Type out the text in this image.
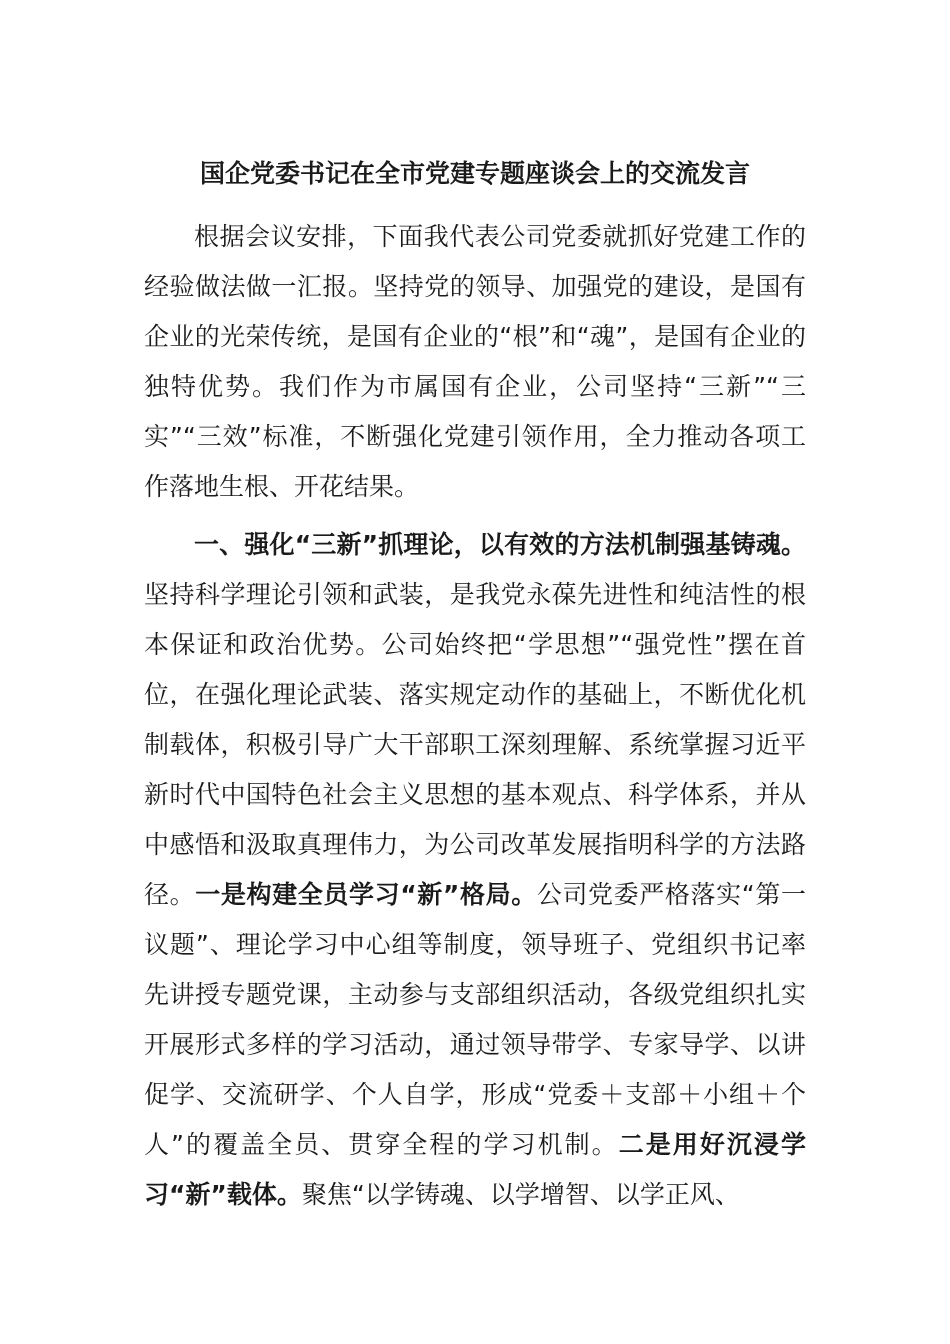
国企党委书记在全市党建专题座谈会上的交流发言

根据会议安排，下面我代表公司党委就抓好党建工作的经验做法做一汇报。坚持党的领导、加强党的建设，是国有企业的光荣传统，是国有企业的“根”和“魂”，是国有企业的独特优势。我们作为市属国有企业，公司坚持“三新”“三实”“三效”标准，不断强化党建引领作用，全力推动各项工作落地生根、开花结果。

一、强化“三新”抓理论，以有效的方法机制强基铸魂。坚持科学理论引领和武装，是我党永葆先进性和纯洁性的根本保证和政治优势。公司始终把“学思想”“强党性”摆在首位，在强化理论武装、落实规定动作的基础上，不断优化机制载体，积极引导广大干部职工深刻理解、系统掌握习近平新时代中国特色社会主义思想的基本观点、科学体系，并从中感悟和汲取真理伟力，为公司改革发展指明科学的方法路径。一是构建全员学习“新”格局。公司党委严格落实“第一议题”、理论学习中心组等制度，领导班子、党组织书记率先讲授专题党课，主动参与支部组织活动，各级党组织扎实开展形式多样的学习活动，通过领导带学、专家导学、以讲促学、交流研学、个人自学，形成“党委＋支部＋小组＋个人”的覆盖全员、贯穿全程的学习机制。二是用好沉浸学习“新”载体。聚焦“以学铸魂、以学增智、以学正风、
